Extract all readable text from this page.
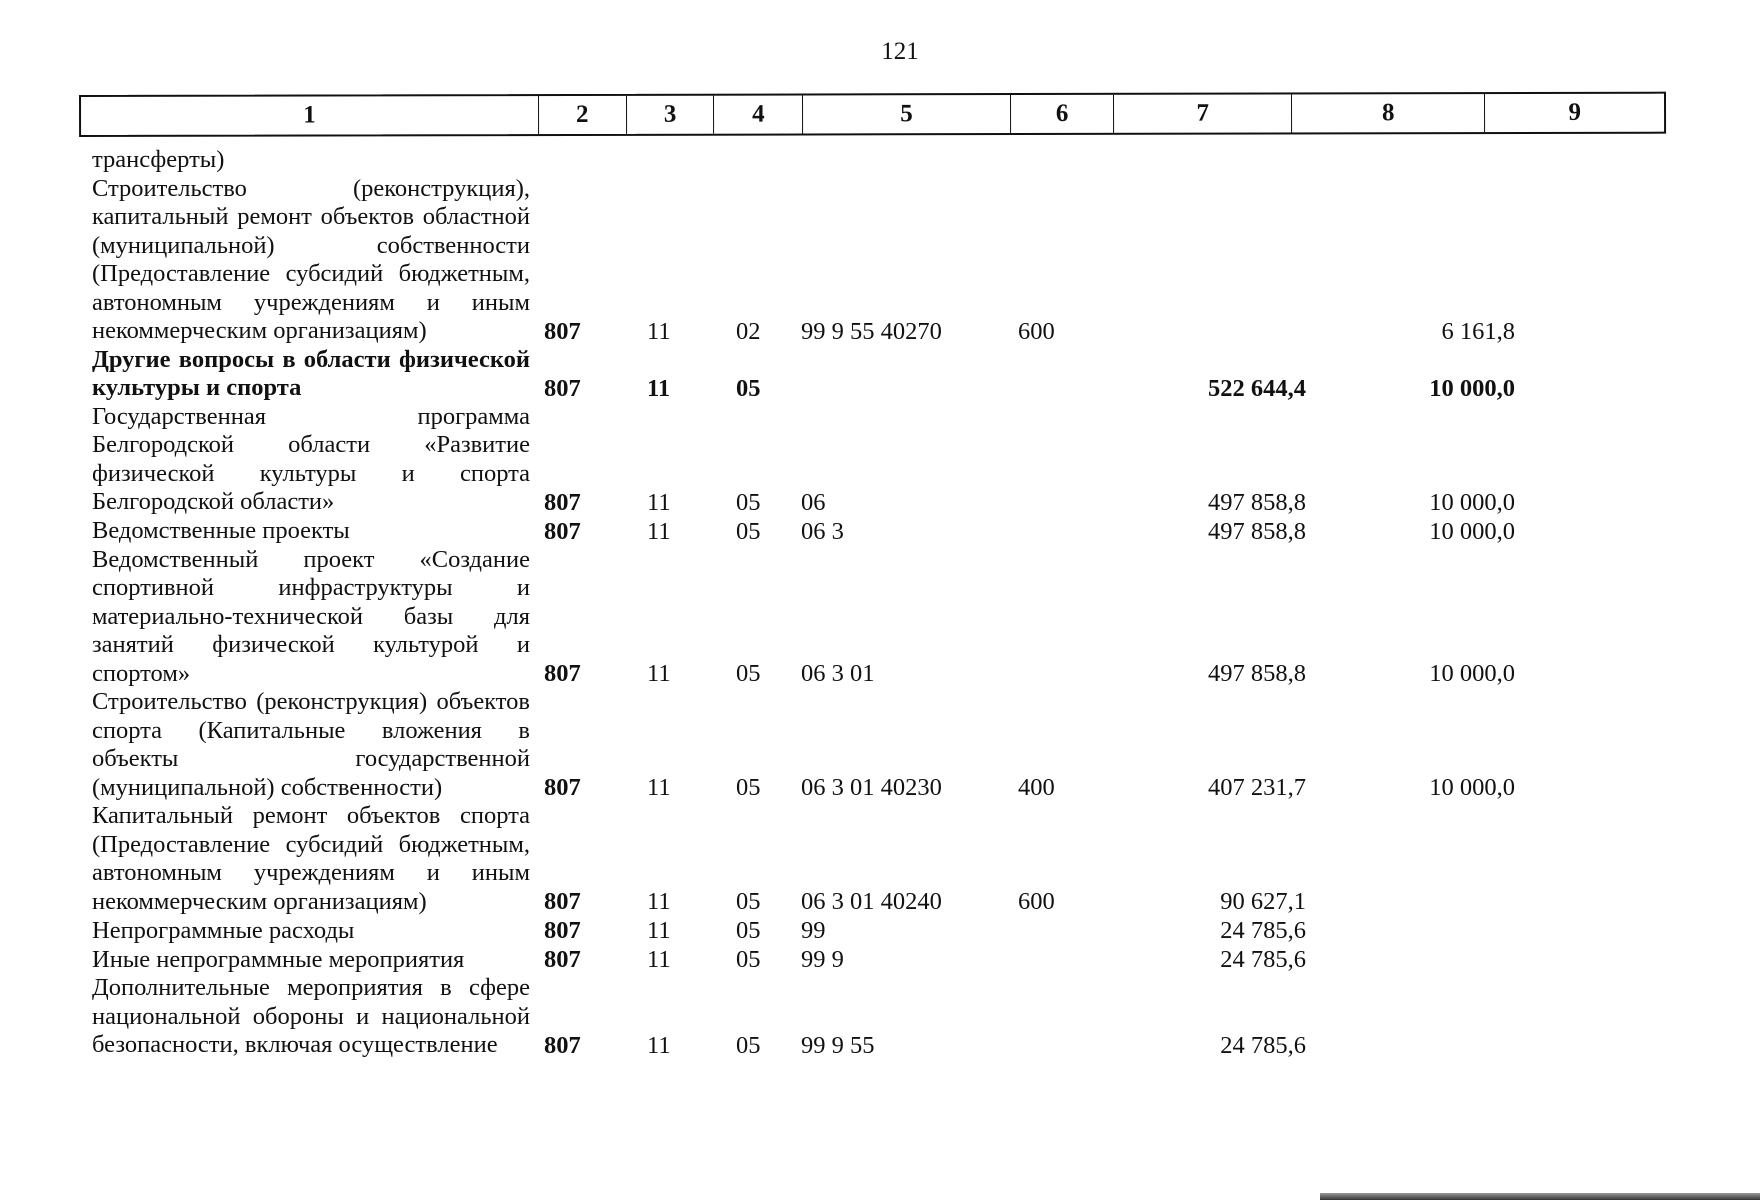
121
1	2	3	4	5	6	7	8	9
трансферты)								
Строительство (реконструкция), капитальный ремонт объектов областной (муниципальной) собственности (Предоставление субсидий бюджетным, автономным учреждениям и иным некоммерческим организациям)	807	11	02	99 9 55 40270	600		6 161,8	
Другие вопросы в области физической культуры и спорта	807	11	05			522 644,4	10 000,0	
Государственная программа Белгородской области «Развитие физической культуры и спорта Белгородской области»	807	11	05	06		497 858,8	10 000,0	
Ведомственные проекты	807	11	05	06 3		497 858,8	10 000,0	
Ведомственный проект «Создание спортивной инфраструктуры и материально-технической базы для занятий физической культурой и спортом»	807	11	05	06 3 01		497 858,8	10 000,0	
Строительство (реконструкция) объектов спорта (Капитальные вложения в объекты государственной (муниципальной) собственности)	807	11	05	06 3 01 40230	400	407 231,7	10 000,0	
Капитальный ремонт объектов спорта (Предоставление субсидий бюджетным, автономным учреждениям и иным некоммерческим организациям)	807	11	05	06 3 01 40240	600	90 627,1		
Непрограммные расходы	807	11	05	99		24 785,6		
Иные непрограммные мероприятия	807	11	05	99 9		24 785,6		
Дополнительные мероприятия в сфере национальной обороны и национальной безопасности, включая осуществление	807	11	05	99 9 55		24 785,6		
